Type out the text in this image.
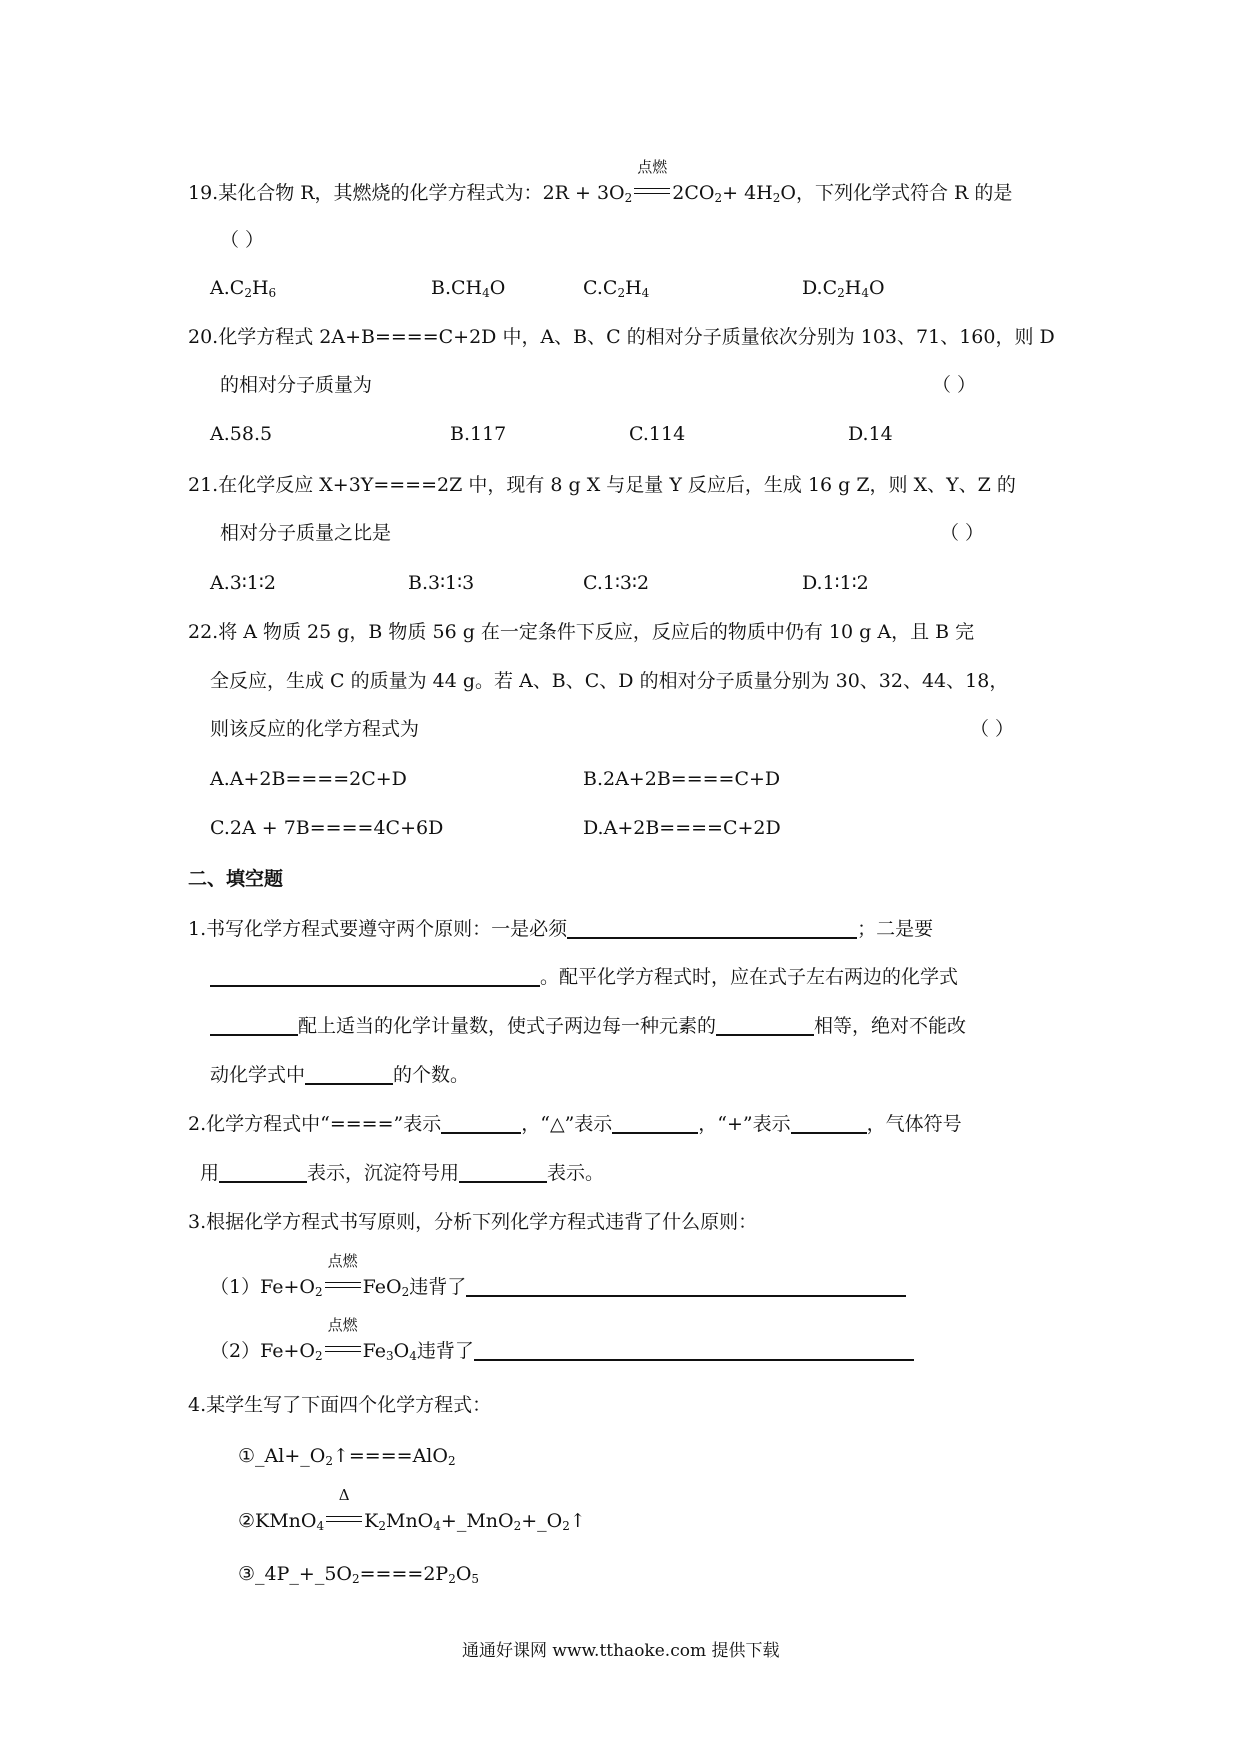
19.某化合物 R，其燃烧的化学方程式为：$2R + 3O_2$
点燃
$2CO_2+ 4H_2O$，下列化学式符合 R 的是
（ ）
$A.C_2H_6$	$B.CH_4O$	$C.C_2H_4$	$D.C_2H_4O$
20.化学方程式 2A+B====C+2D 中，A、B、C 的相对分子质量依次分别为 103、71、160，则 D
的相对分子质量为	（ ）
A.58.5	B.117	C.114	D.14
21.在化学反应 X+3Y====2Z 中，现有 8 g X 与足量 Y 反应后，生成 16 g Z，则 X、Y、Z 的
相对分子质量之比是	（ ）
A.3∶1∶2	B.3∶1∶3	C.1∶3∶2	D.1∶1∶2
22.将 A 物质 25 g，B 物质 56 g 在一定条件下反应，反应后的物质中仍有 10 g A，且 B 完
全反应，生成 C 的质量为 44 g。若 A、B、C、D 的相对分子质量分别为 30、32、44、18，
则该反应的化学方程式为	（ ）
A.A+2B====2C+D	B.2A+2B====C+D
C.2A + 7B====4C+6D	D.A+2B====C+2D
二、填空题
1.书写化学方程式要遵守两个原则：一是必须	；二是要
。配平化学方程式时，应在式子左右两边的化学式
配上适当的化学计量数，使式子两边每一种元素的	相等，绝对不能改
动化学式中	的个数。
2.化学方程式中“====”表示	，“△”表示	，“+”表示	，气体符号
用	表示，沉淀符号用	表示。
3.根据化学方程式书写原则，分析下列化学方程式违背了什么原则：
$(1)Fe+O_2$
点燃
FeO$_2$违背了
$(2)Fe+O_2$
点燃
$Fe_3O_4$违背了
4.某学生写了下面四个化学方程式：
$①\_Al+\_O_2↑====AlO_2$
②KMnO$_4$
Δ
$K_2MnO_4+\_MnO_2+\_O_2↑$
$③\_4P\_+\_5O_2====2P_2O_5$
通通好课网 www.tthaoke.com 提供下载
